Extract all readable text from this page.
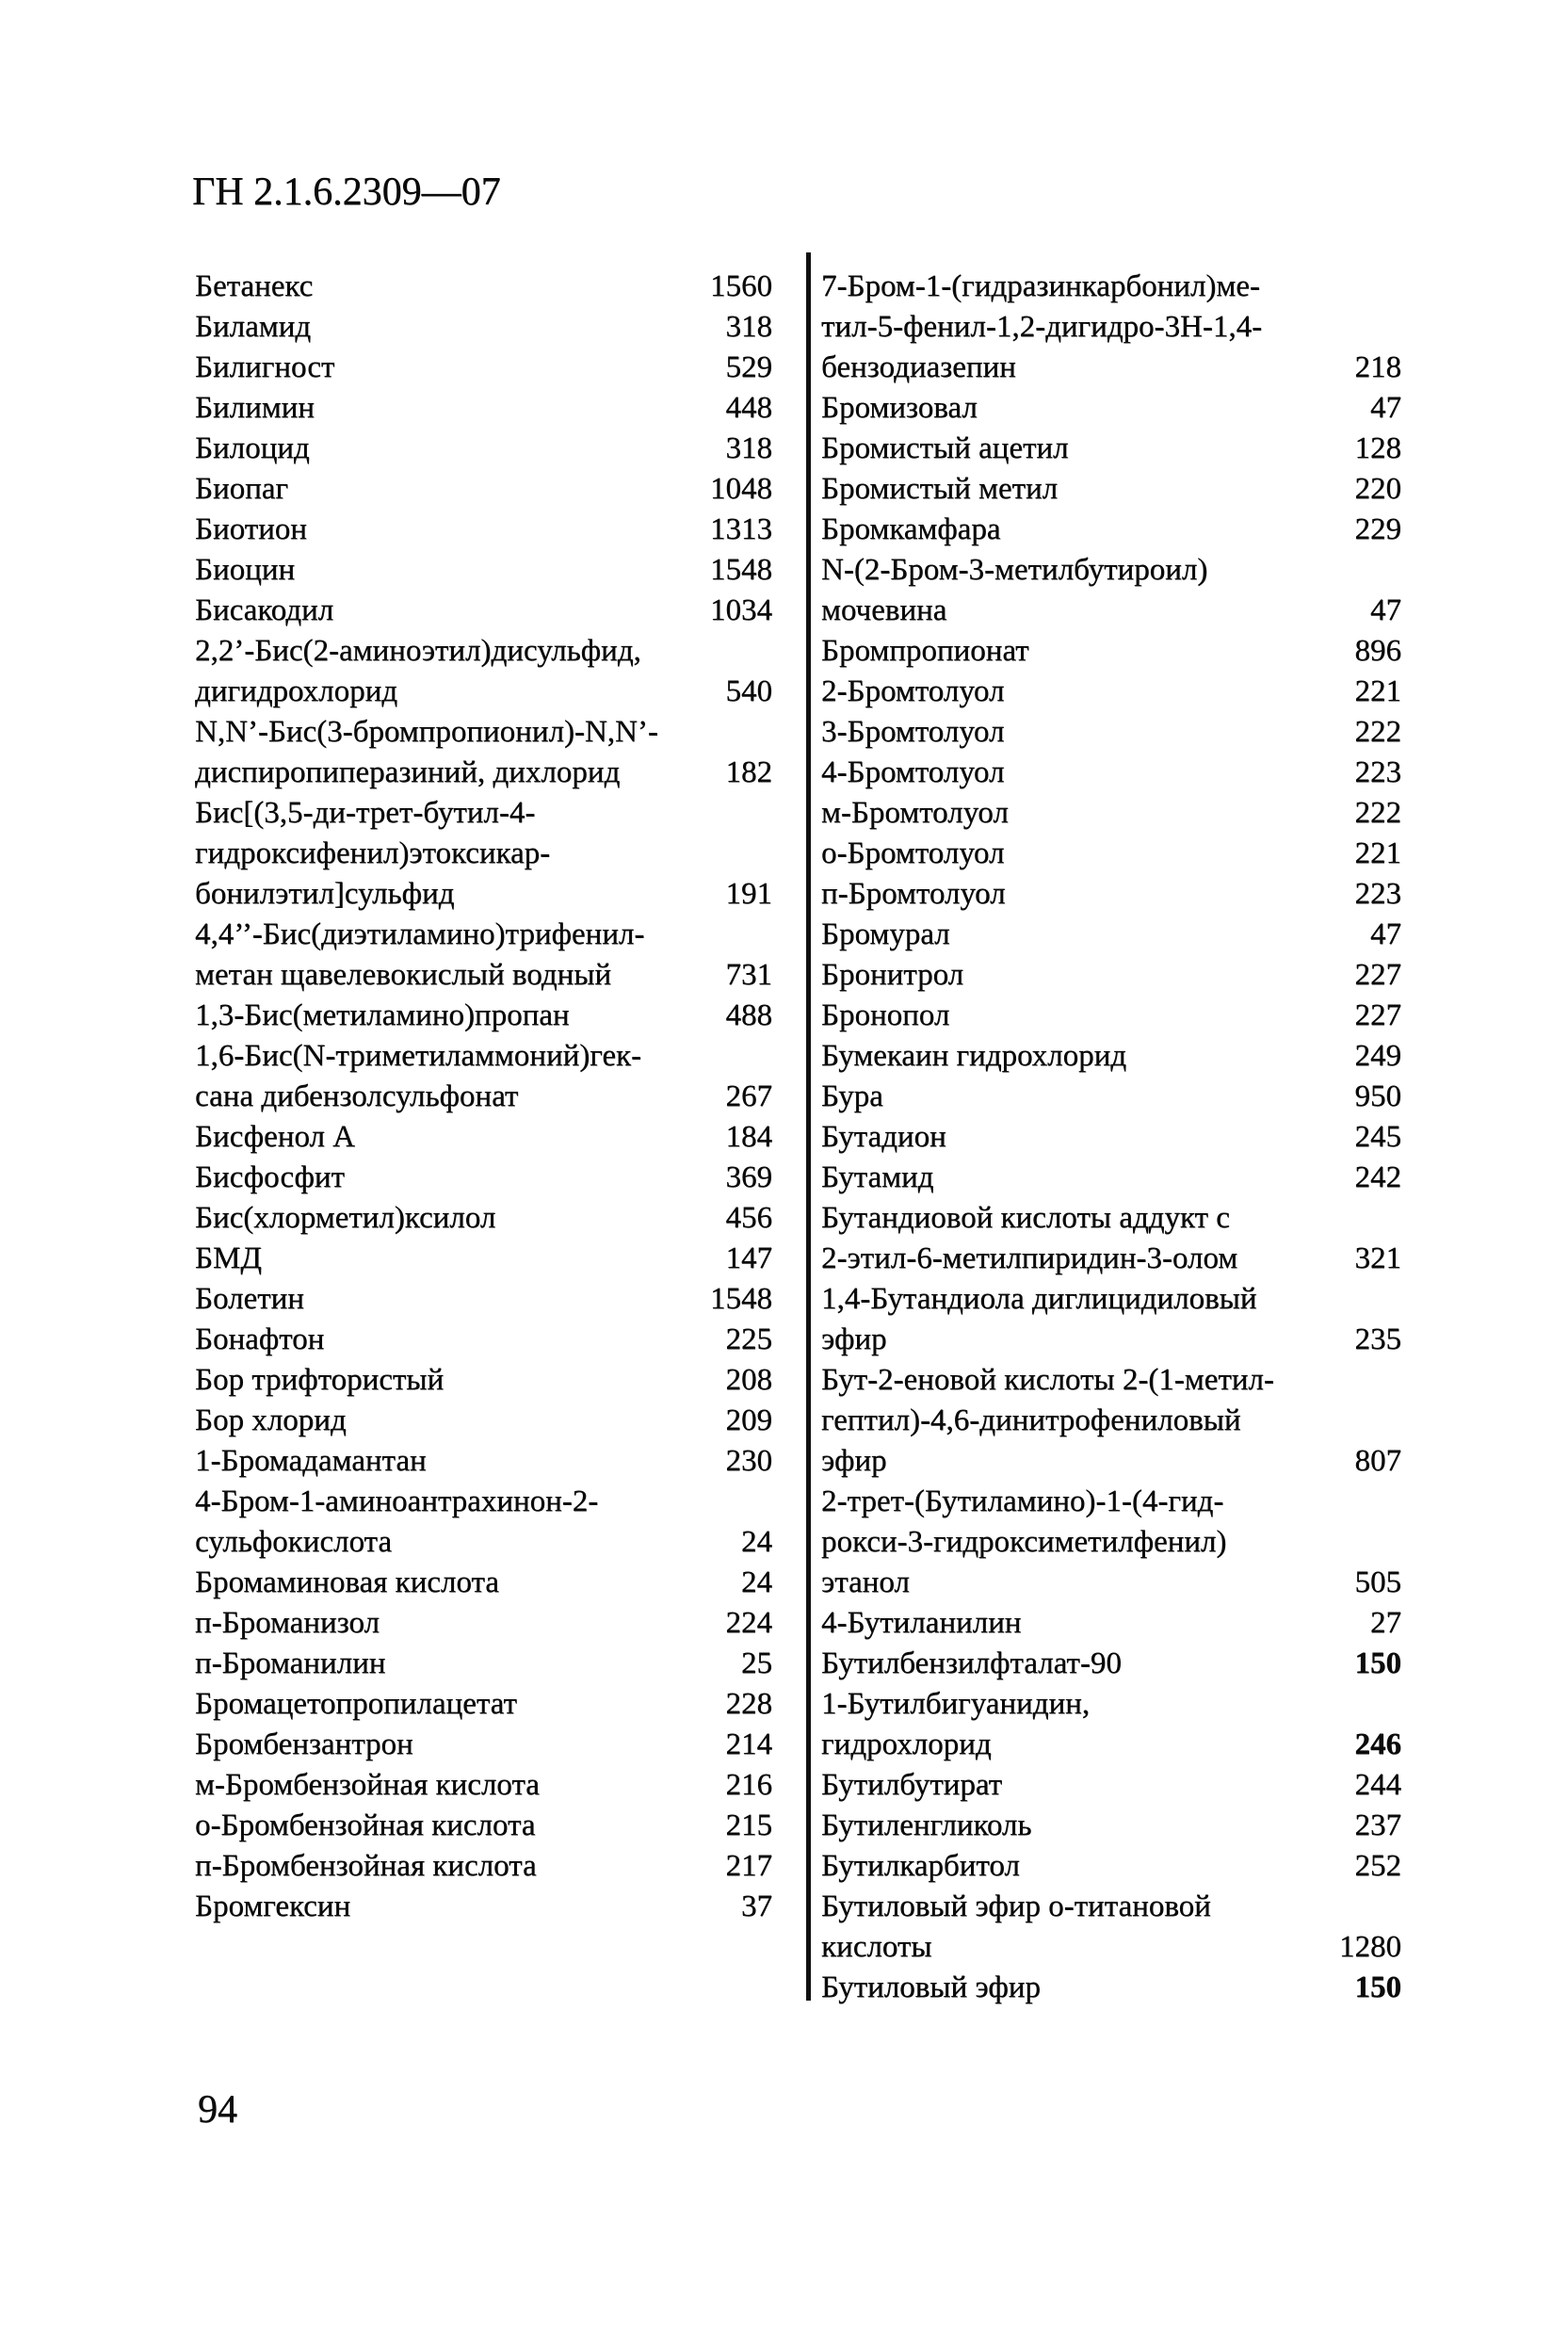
ГН 2.1.6.2309—07
Бетанекс	1560
Биламид	318
Билигност	529
Билимин	448
Билоцид	318
Биопаг	1048
Биотион	1313
Биоцин	1548
Бисакодил	1034
2,2’-Бис(2-аминоэтил)дисульфид,
дигидрохлорид	540
N,N’-Бис(3-бромпропионил)-N,N’-
диспиропиперазиний, дихлорид	182
Бис[(3,5-ди-трет-бутил-4-
гидроксифенил)этоксикар-
бонилэтил]сульфид	191
4,4’’-Бис(диэтиламино)трифенил-
метан щавелевокислый водный	731
1,3-Бис(метиламино)пропан	488
1,6-Бис(N-триметиламмоний)гек-
сана дибензолсульфонат	267
Бисфенол А	184
Бисфосфит	369
Бис(хлорметил)ксилол	456
БМД	147
Болетин	1548
Бонафтон	225
Бор трифтористый	208
Бор хлорид	209
1-Бромадамантан	230
4-Бром-1-аминоантрахинон-2-
сульфокислота	24
Бромаминовая кислота	24
п-Броманизол	224
п-Броманилин	25
Бромацетопропилацетат	228
Бромбензантрон	214
м-Бромбензойная кислота	216
о-Бромбензойная кислота	215
п-Бромбензойная кислота	217
Бромгексин	37
7-Бром-1-(гидразинкарбонил)ме-
тил-5-фенил-1,2-дигидро-3Н-1,4-
бензодиазепин	218
Бромизовал	47
Бромистый ацетил	128
Бромистый метил	220
Бромкамфара	229
N-(2-Бром-3-метилбутироил)
мочевина	47
Бромпропионат	896
2-Бромтолуол	221
3-Бромтолуол	222
4-Бромтолуол	223
м-Бромтолуол	222
о-Бромтолуол	221
п-Бромтолуол	223
Бромурал	47
Бронитрол	227
Бронопол	227
Бумекаин гидрохлорид	249
Бура	950
Бутадион	245
Бутамид	242
Бутандиовой кислоты аддукт с
2-этил-6-метилпиридин-3-олом	321
1,4-Бутандиола диглицидиловый
эфир	235
Бут-2-еновой кислоты 2-(1-метил-
гептил)-4,6-динитрофениловый
эфир	807
2-трет-(Бутиламино)-1-(4-гид-
рокси-3-гидроксиметилфенил)
этанол	505
4-Бутиланилин	27
Бутилбензилфталат-90	150
1-Бутилбигуанидин,
гидрохлорид	246
Бутилбутират	244
Бутиленгликоль	237
Бутилкарбитол	252
Бутиловый эфир о-титановой
кислоты	1280
Бутиловый эфир	150
94
